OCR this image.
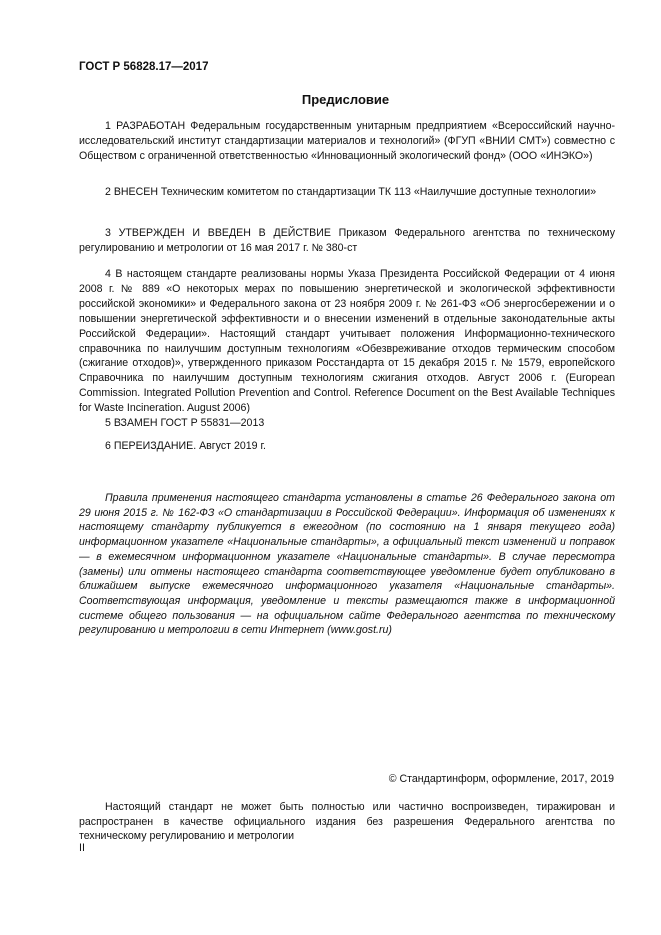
ГОСТ Р 56828.17—2017
Предисловие

1 РАЗРАБОТАН Федеральным государственным унитарным предприятием «Всероссийский научно-исследовательский институт стандартизации материалов и технологий» (ФГУП «ВНИИ СМТ») совместно с Обществом с ограниченной ответственностью «Инновационный экологический фонд» (ООО «ИНЭКО»)

2 ВНЕСЕН Техническим комитетом по стандартизации ТК 113 «Наилучшие доступные технологии»

3 УТВЕРЖДЕН И ВВЕДЕН В ДЕЙСТВИЕ Приказом Федерального агентства по техническому регулированию и метрологии от 16 мая 2017 г. № 380-ст

4 В настоящем стандарте реализованы нормы Указа Президента Российской Федерации от 4 июня 2008 г. № 889 «О некоторых мерах по повышению энергетической и экологической эффективности российской экономики» и Федерального закона от 23 ноября 2009 г. № 261-ФЗ «Об энергосбережении и о повышении энергетической эффективности и о внесении изменений в отдельные законодательные акты Российской Федерации». Настоящий стандарт учитывает положения Информационно-технического справочника по наилучшим доступным технологиям «Обезвреживание отходов термическим способом (сжигание отходов)», утвержденного приказом Росстандарта от 15 декабря 2015 г. № 1579, европейского Справочника по наилучшим доступным технологиям сжигания отходов. Август 2006 г. (European Commission. Integrated Pollution Prevention and Control. Reference Document on the Best Available Techniques for Waste Incineration. August 2006)

5 ВЗАМЕН ГОСТ Р 55831—2013

6 ПЕРЕИЗДАНИЕ. Август 2019 г.

Правила применения настоящего стандарта установлены в статье 26 Федерального закона от 29 июня 2015 г. № 162-ФЗ «О стандартизации в Российской Федерации». Информация об изменениях к настоящему стандарту публикуется в ежегодном (по состоянию на 1 января текущего года) информационном указателе «Национальные стандарты», а официальный текст изменений и поправок — в ежемесячном информационном указателе «Национальные стандарты». В случае пересмотра (замены) или отмены настоящего стандарта соответствующее уведомление будет опубликовано в ближайшем выпуске ежемесячного информационного указателя «Национальные стандарты». Соответствующая информация, уведомление и тексты размещаются также в информационной системе общего пользования — на официальном сайте Федерального агентства по техническому регулированию и метрологии в сети Интернет (www.gost.ru)

© Стандартинформ, оформление, 2017, 2019

Настоящий стандарт не может быть полностью или частично воспроизведен, тиражирован и распространен в качестве официального издания без разрешения Федерального агентства по техническому регулированию и метрологии

II
